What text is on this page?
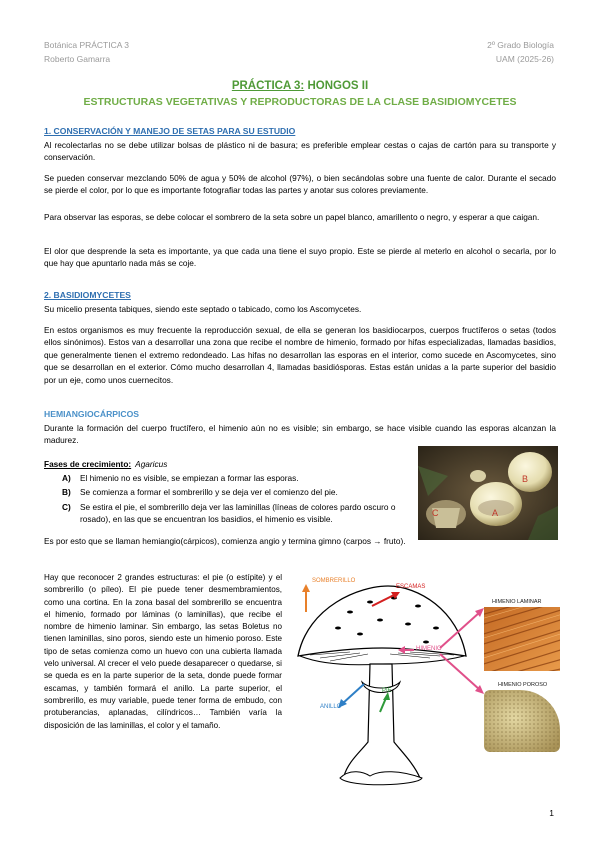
Botánica PRÁCTICA 3
Roberto Gamarra
2º Grado Biología
UAM (2025-26)
PRÁCTICA 3: HONGOS II
ESTRUCTURAS VEGETATIVAS Y REPRODUCTORAS DE LA CLASE BASIDIOMYCETES
1. CONSERVACIÓN Y MANEJO DE SETAS PARA SU ESTUDIO
Al recolectarlas no se debe utilizar bolsas de plástico ni de basura; es preferible emplear cestas o cajas de cartón para su transporte y conservación.
Se pueden conservar mezclando 50% de agua y 50% de alcohol (97%), o bien secándolas sobre una fuente de calor. Durante el secado se pierde el color, por lo que es importante fotografiar todas las partes y anotar sus colores previamente.
Para observar las esporas, se debe colocar el sombrero de la seta sobre un papel blanco, amarillento o negro, y esperar a que caigan.
El olor que desprende la seta es importante, ya que cada una tiene el suyo propio. Este se pierde al meterlo en alcohol o secarla, por lo que hay que apuntarlo nada más se coje.
2. BASIDIOMYCETES
Su micelio presenta tabiques, siendo este septado o tabicado, como los Ascomycetes.
En estos organismos es muy frecuente la reproducción sexual, de ella se generan los basidiocarpos, cuerpos fructíferos o setas (todos ellos sinónimos). Estos van a desarrollar una zona que recibe el nombre de himenio, formado por hifas especializadas, llamadas basidios, que generalmente tienen el extremo redondeado. Las hifas no desarrollan las esporas en el interior, como sucede en Ascomycetes, sino que se desarrollan en el exterior. Cómo mucho desarrollan 4, llamadas basidiósporas. Estas están unidas a la parte superior del basidio por un eje, como unos cuernecitos.
HEMIANGIOCÁRPICOS
Durante la formación del cuerpo fructífero, el himenio aún no es visible; sin embargo, se hace visible cuando las esporas alcanzan la madurez.
Fases de crecimiento: Agaricus
A)	El himenio no es visible, se empiezan a formar las esporas.
B)	Se comienza a formar el sombrerillo y se deja ver el comienzo del pie.
C)	Se estira el pie, el sombrerillo deja ver las laminillas (líneas de colores pardo oscuro o rosado), en las que se encuentran los basidios, el himenio es visible.
Es por esto que se llaman hemiangio(cárpicos), comienza angio y termina gimno (carpos → fruto).
Hay que reconocer 2 grandes estructuras: el pie (o estípite) y el sombrerillo (o píleo). El pie puede tener desmembramientos, como una cortina. En la zona basal del sombrerillo se encuentra el himenio, formado por láminas (o laminillas), que recibe el nombre de himenio laminar. Sin embargo, las setas Boletus no tienen laminillas, sino poros, siendo este un himenio poroso. Este tipo de setas comienza como un huevo con una cubierta llamada velo universal. Al crecer el velo puede desaparecer o quedarse, si se queda es en la parte superior de la seta, donde puede formar escamas, y también formará el anillo. La parte superior, el sombrerillo, es muy variable, puede tener forma de embudo, con protuberancias, aplanadas, cilíndricos… También varía la disposición de las laminillas, el color y el tamaño.
B
A
C
SOMBRERILLO
ESCAMAS
ANILLO
PIE
HIMENIO
HIMENIO LAMINAR
HIMENIO POROSO
1
